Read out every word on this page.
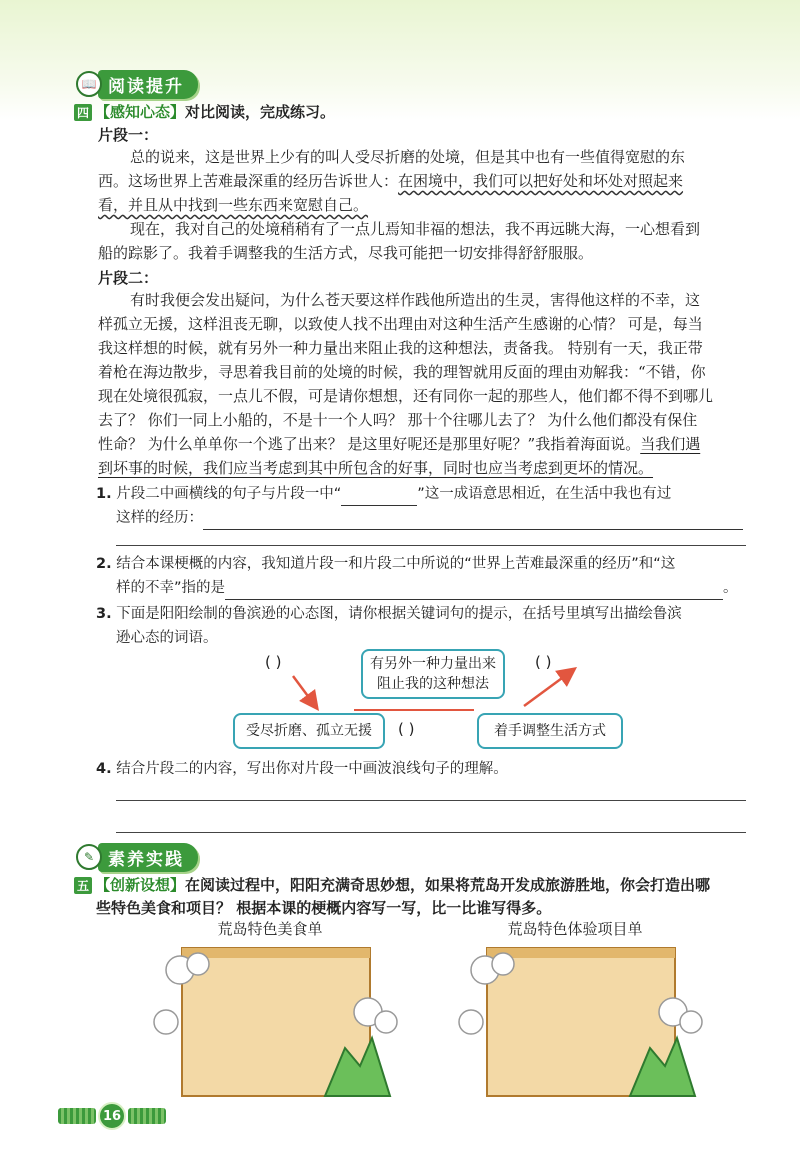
📖 阅读提升
四 【感知心态】对比阅读，完成练习。
片段一：
总的说来，这是世界上少有的叫人受尽折磨的处境，但是其中也有一些值得宽慰的东
西。这场世界上苦难最深重的经历告诉世人：在困境中，我们可以把好处和坏处对照起来
看，并且从中找到一些东西来宽慰自己。
现在，我对自己的处境稍稍有了一点儿焉知非福的想法，我不再远眺大海，一心想看到
船的踪影了。我着手调整我的生活方式，尽我可能把一切安排得舒舒服服。
片段二：
有时我便会发出疑问，为什么苍天要这样作践他所造出的生灵，害得他这样的不幸，这
样孤立无援，这样沮丧无聊，以致使人找不出理由对这种生活产生感谢的心情？ 可是，每当
我这样想的时候，就有另外一种力量出来阻止我的这种想法，责备我。 特别有一天，我正带
着枪在海边散步，寻思着我目前的处境的时候，我的理智就用反面的理由劝解我：“不错，你
现在处境很孤寂，一点儿不假，可是请你想想，还有同你一起的那些人，他们都不得不到哪儿
去了？ 你们一同上小船的，不是十一个人吗？ 那十个往哪儿去了？ 为什么他们都没有保住
性命？ 为什么单单你一个逃了出来？ 是这里好呢还是那里好呢？”我指着海面说。当我们遇
到坏事的时候，我们应当考虑到其中所包含的好事，同时也应当考虑到更坏的情况。
1. 片段二中画横线的句子与片段一中“	”这一成语意思相近，在生活中我也有过
这样的经历：
2. 结合本课梗概的内容，我知道片段一和片段二中所说的“世界上苦难最深重的经历”和“这
样的不幸”指的是	。
3. 下面是阳阳绘制的鲁滨逊的心态图，请你根据关键词句的提示，在括号里填写出描绘鲁滨
逊心态的词语。
( )	有另外一种力量出来
阻止我的这种想法
( )
受尽折磨、孤立无援	( )	着手调整生活方式
4. 结合片段二的内容，写出你对片段一中画波浪线句子的理解。
✎ 素养实践
五 【创新设想】在阅读过程中，阳阳充满奇思妙想，如果将荒岛开发成旅游胜地，你会打造出哪
些特色美食和项目？ 根据本课的梗概内容写一写，比一比谁写得多。
荒岛特色美食单	荒岛特色体验项目单
16
